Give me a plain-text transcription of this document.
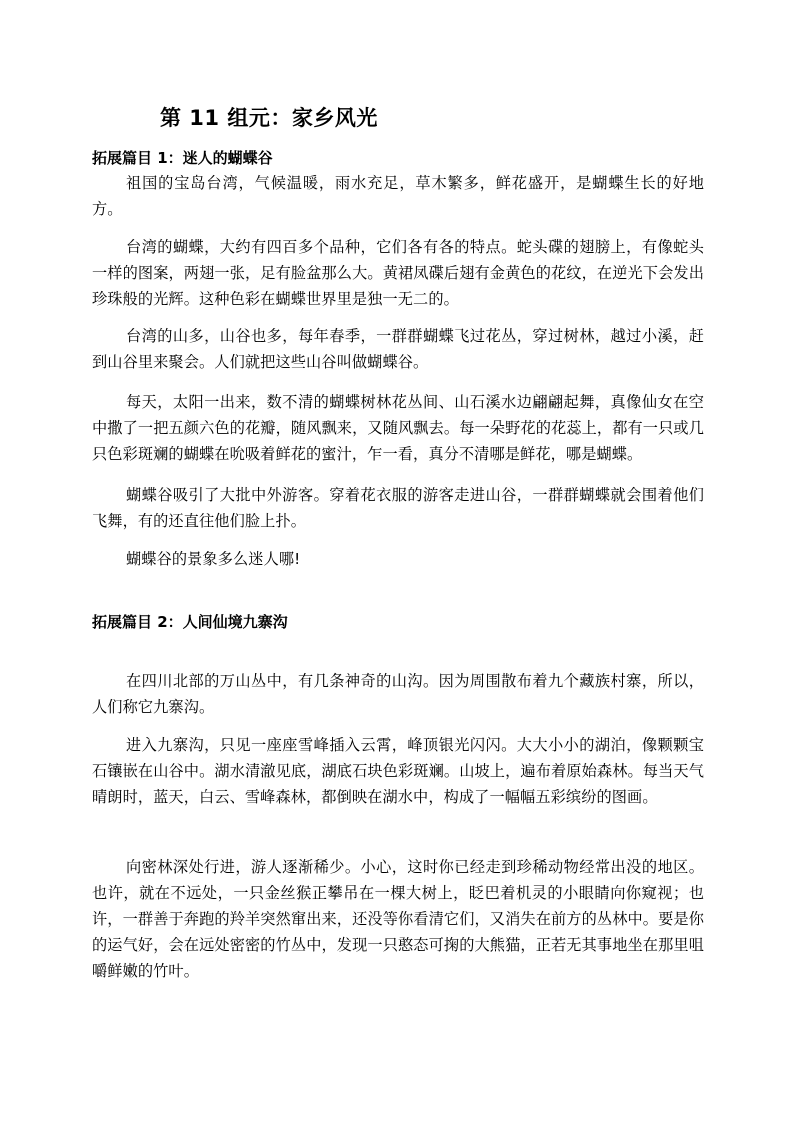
第 11 组元：家乡风光
拓展篇目 1：迷人的蝴蝶谷
祖国的宝岛台湾，气候温暖，雨水充足，草木繁多，鲜花盛开，是蝴蝶生长的好地方。
台湾的蝴蝶，大约有四百多个品种，它们各有各的特点。蛇头碟的翅膀上，有像蛇头一样的图案，两翅一张，足有脸盆那么大。黄裙凤碟后翅有金黄色的花纹，在逆光下会发出珍珠般的光辉。这种色彩在蝴蝶世界里是独一无二的。
台湾的山多，山谷也多，每年春季，一群群蝴蝶飞过花丛，穿过树林，越过小溪，赶到山谷里来聚会。人们就把这些山谷叫做蝴蝶谷。
每天，太阳一出来，数不清的蝴蝶树林花丛间、山石溪水边翩翩起舞，真像仙女在空中撒了一把五颜六色的花瓣，随风飘来，又随风飘去。每一朵野花的花蕊上，都有一只或几只色彩斑斓的蝴蝶在吮吸着鲜花的蜜汁，乍一看，真分不清哪是鲜花，哪是蝴蝶。
蝴蝶谷吸引了大批中外游客。穿着花衣服的游客走进山谷，一群群蝴蝶就会围着他们飞舞，有的还直往他们脸上扑。
蝴蝶谷的景象多么迷人哪!
拓展篇目 2：人间仙境九寨沟
在四川北部的万山丛中，有几条神奇的山沟。因为周围散布着九个藏族村寨，所以，人们称它九寨沟。
进入九寨沟，只见一座座雪峰插入云霄，峰顶银光闪闪。大大小小的湖泊，像颗颗宝石镶嵌在山谷中。湖水清澈见底，湖底石块色彩斑斓。山坡上，遍布着原始森林。每当天气晴朗时，蓝天，白云、雪峰森林，都倒映在湖水中，构成了一幅幅五彩缤纷的图画。
向密林深处行进，游人逐渐稀少。小心，这时你已经走到珍稀动物经常出没的地区。也许，就在不远处，一只金丝猴正攀吊在一棵大树上，眨巴着机灵的小眼睛向你窥视；也许，一群善于奔跑的羚羊突然窜出来，还没等你看清它们，又消失在前方的丛林中。要是你的运气好，会在远处密密的竹丛中，发现一只憨态可掬的大熊猫，正若无其事地坐在那里咀嚼鲜嫩的竹叶。
